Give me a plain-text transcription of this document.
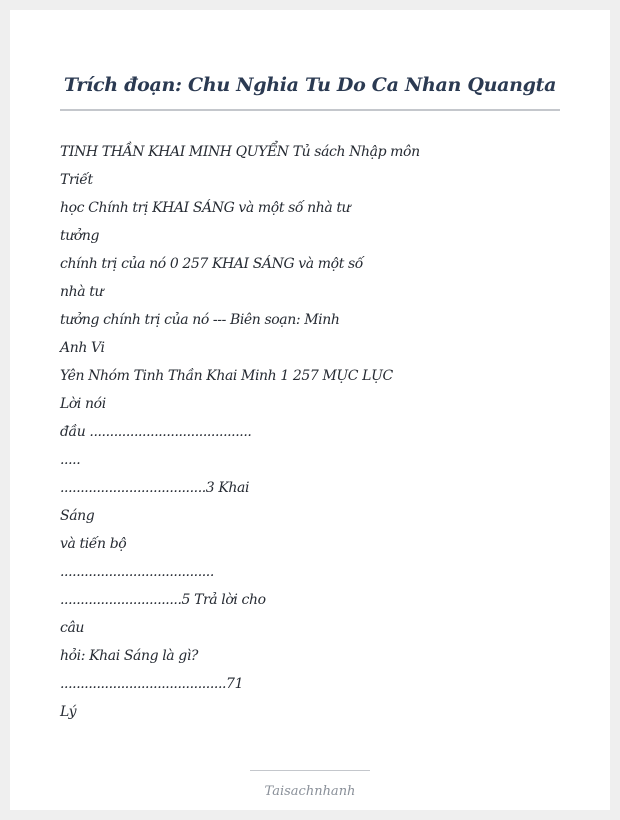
Trích đoạn: Chu Nghia Tu Do Ca Nhan Quangta
TINH THẦN KHAI MINH QUYỂN Tủ sách Nhập môn
Triết
học Chính trị KHAI SÁNG và một số nhà tư
tưởng
chính trị của nó 0 257 KHAI SÁNG và một số
nhà tư
tưởng chính trị của nó --- Biên soạn: Minh
Anh Vi
Yên Nhóm Tinh Thần Khai Minh 1 257 MỤC LỤC
Lời nói
đầu ........................................
.....
....................................3 Khai
Sáng
và tiến bộ
......................................
..............................5 Trả lời cho
câu
hỏi: Khai Sáng là gì?
.........................................71
Lý
Taisachnhanh
